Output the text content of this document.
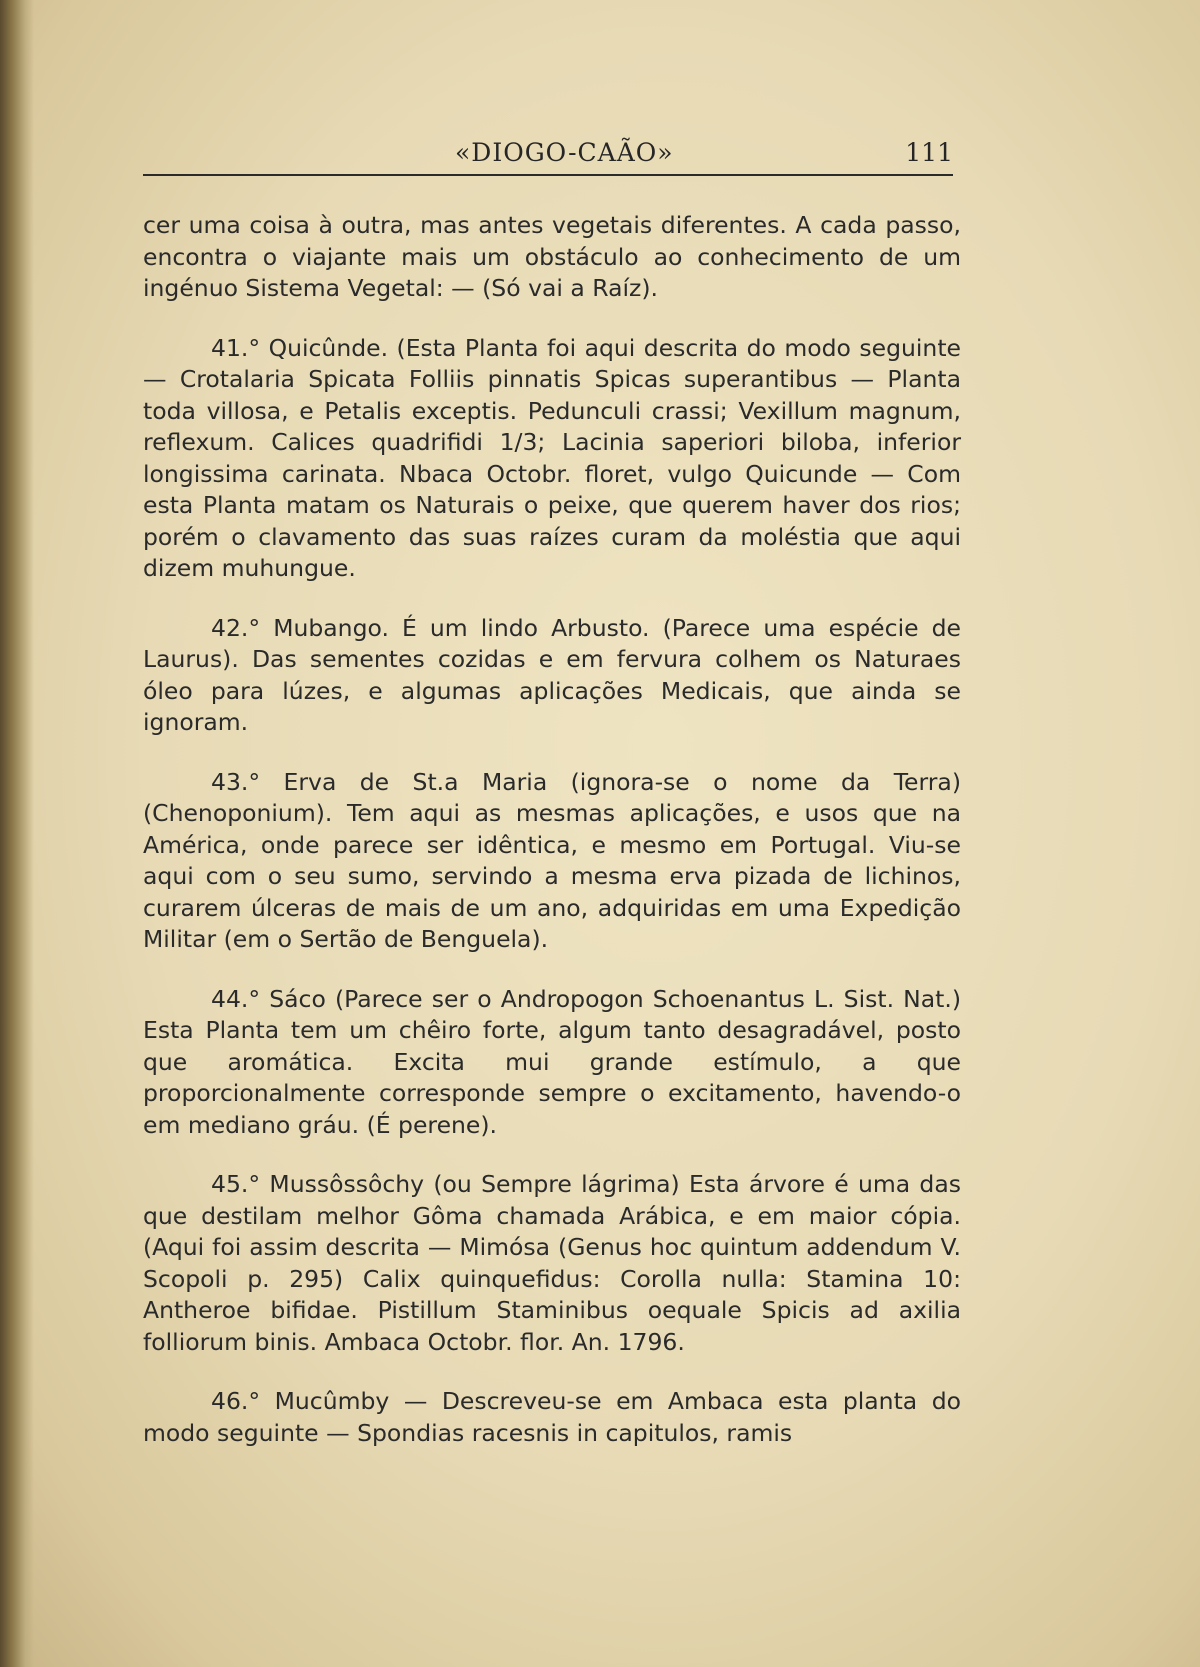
«DIOGO-CAÃO»	111

cer uma coisa à outra, mas antes vegetais diferentes. A cada passo, encontra o viajante mais um obstáculo ao conhecimento de um ingénuo Sistema Vegetal: — (Só vai a Raíz).

41.° Quicûnde. (Esta Planta foi aqui descrita do modo seguinte — Crotalaria Spicata Folliis pinnatis Spicas superantibus — Planta toda villosa, e Petalis exceptis. Pedunculi crassi; Vexillum magnum, reflexum. Calices quadrifidi 1/3; Lacinia saperiori biloba, inferior longissima carinata. Nbaca Octobr. floret, vulgo Quicunde — Com esta Planta matam os Naturais o peixe, que querem haver dos rios; porém o clavamento das suas raízes curam da moléstia que aqui dizem muhungue.

42.° Mubango. É um lindo Arbusto. (Parece uma espécie de Laurus). Das sementes cozidas e em fervura colhem os Naturaes óleo para lúzes, e algumas aplicações Medicais, que ainda se ignoram.

43.° Erva de St.a Maria (ignora-se o nome da Terra) (Chenoponium). Tem aqui as mesmas aplicações, e usos que na América, onde parece ser idêntica, e mesmo em Portugal. Viu-se aqui com o seu sumo, servindo a mesma erva pizada de lichinos, curarem úlceras de mais de um ano, adquiridas em uma Expedição Militar (em o Sertão de Benguela).

44.° Sáco (Parece ser o Andropogon Schoenantus L. Sist. Nat.) Esta Planta tem um chêiro forte, algum tanto desagradável, posto que aromática. Excita mui grande estímulo, a que proporcionalmente corresponde sempre o excitamento, havendo-o em mediano gráu. (É perene).

45.° Mussôssôchy (ou Sempre lágrima) Esta árvore é uma das que destilam melhor Gôma chamada Arábica, e em maior cópia. (Aqui foi assim descrita — Mimósa (Genus hoc quintum addendum V. Scopoli p. 295) Calix quinquefidus: Corolla nulla: Stamina 10: Antheroe bifidae. Pistillum Staminibus oequale Spicis ad axilia folliorum binis. Ambaca Octobr. flor. An. 1796.

46.° Mucûmby — Descreveu-se em Ambaca esta planta do modo seguinte — Spondias racesnis in capitulos, ramis
